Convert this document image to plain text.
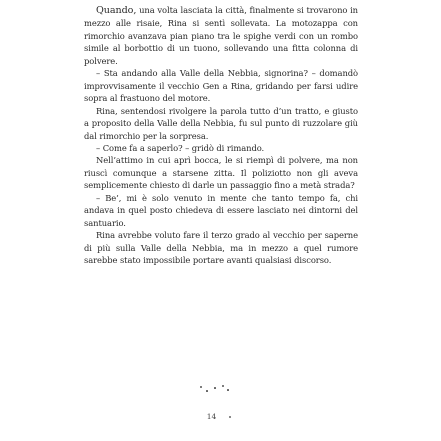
Quando, una volta lasciata la città, finalmente si trovarono in mezzo alle risaie, Rina si sentì sollevata. La motozappa con rimorchio avanzava pian piano tra le spighe verdi con un rombo simile al borbottio di un tuono, sollevando una fitta colonna di polvere.

– Sta andando alla Valle della Nebbia, signorina? – domandò improvvisamente il vecchio Gen a Rina, gridando per farsi udire sopra al frastuono del motore.

Rina, sentendosi rivolgere la parola tutto d’un tratto, e giusto a proposito della Valle della Nebbia, fu sul punto di ruzzolare giù dal rimorchio per la sorpresa.

– Come fa a saperlo? – gridò di rimando.

Nell’attimo in cui aprì bocca, le si riempì di polvere, ma non riuscì comunque a starsene zitta. Il poliziotto non gli aveva semplicemente chiesto di darle un passaggio fino a metà strada?

– Be’, mi è solo venuto in mente che tanto tempo fa, chi andava in quel posto chiedeva di essere lasciato nei dintorni del santuario.

Rina avrebbe voluto fare il terzo grado al vecchio per saperne di più sulla Valle della Nebbia, ma in mezzo a quel rumore sarebbe stato impossibile portare avanti qualsiasi discorso.

14
